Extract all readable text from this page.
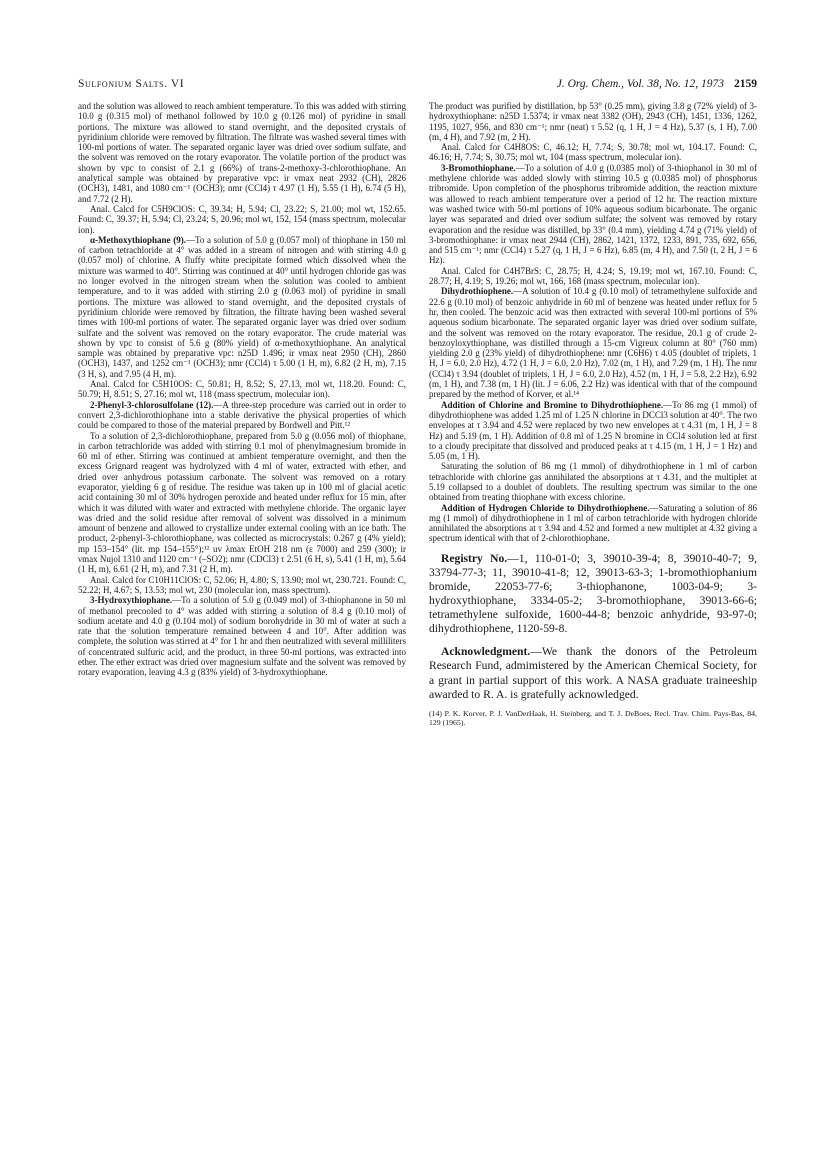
Sulfonium Salts. VI	J. Org. Chem., Vol. 38, No. 12, 1973 2159

and the solution was allowed to reach ambient temperature. To this was added with stirring 10.0 g (0.315 mol) of methanol followed by 10.0 g (0.126 mol) of pyridine in small portions. The mixture was allowed to stand overnight, and the deposited crystals of pyridinium chloride were removed by filtration. The filtrate was washed several times with 100-ml portions of water. The separated organic layer was dried over sodium sulfate, and the solvent was removed on the rotary evaporator. The volatile portion of the product was shown by vpc to consist of 2.1 g (66%) of trans-2-methoxy-3-chlorothiophane. An analytical sample was obtained by preparative vpc: ir νmax neat 2932 (CH), 2826 (OCH3), 1481, and 1080 cm⁻¹ (OCH3); nmr (CCl4) τ 4.97 (1 H), 5.55 (1 H), 6.74 (5 H), and 7.72 (2 H).

Anal. Calcd for C5H9ClOS: C, 39.34; H, 5.94; Cl, 23.22; S, 21.00; mol wt, 152.65. Found: C, 39.37; H, 5.94; Cl, 23.24; S, 20.96; mol wt, 152, 154 (mass spectrum, molecular ion).

α-Methoxythiophane (9).—To a solution of 5.0 g (0.057 mol) of thiophane in 150 ml of carbon tetrachloride at 4° was added in a stream of nitrogen and with stirring 4.0 g (0.057 mol) of chlorine. A fluffy white precipitate formed which dissolved when the mixture was warmed to 40°. Stirring was continued at 40° until hydrogen chloride gas was no longer evolved in the nitrogen stream when the solution was cooled to ambient temperature, and to it was added with stirring 2.0 g (0.063 mol) of pyridine in small portions. The mixture was allowed to stand overnight, and the deposited crystals of pyridinium chloride were removed by filtration, the filtrate having been washed several times with 100-ml portions of water. The separated organic layer was dried over sodium sulfate and the solvent was removed on the rotary evaporator. The crude material was shown by vpc to consist of 5.6 g (80% yield) of α-methoxythiophane. An analytical sample was obtained by preparative vpc: n25D 1.496; ir νmax neat 2950 (CH), 2860 (OCH3), 1437, and 1252 cm⁻¹ (OCH3); nmr (CCl4) τ 5.00 (1 H, m), 6.82 (2 H, m), 7.15 (3 H, s), and 7.95 (4 H, m).

Anal. Calcd for C5H10OS: C, 50.81; H, 8.52; S, 27.13, mol wt, 118.20. Found: C, 50.79; H, 8.51; S, 27.16; mol wt, 118 (mass spectrum, molecular ion).

2-Phenyl-3-chlorosulfolane (12).—A three-step procedure was carried out in order to convert 2,3-dichlorothiophane into a stable derivative the physical properties of which could be compared to those of the material prepared by Bordwell and Pitt.¹²

To a solution of 2,3-dichlorothiophane, prepared from 5.0 g (0.056 mol) of thiophane, in carbon tetrachloride was added with stirring 0.1 mol of phenylmagnesium bromide in 60 ml of ether. Stirring was continued at ambient temperature overnight, and then the excess Grignard reagent was hydrolyzed with 4 ml of water, extracted with ether, and dried over anhydrous potassium carbonate. The solvent was removed on a rotary evaporator, yielding 6 g of residue. The residue was taken up in 100 ml of glacial acetic acid containing 30 ml of 30% hydrogen peroxide and heated under reflux for 15 min, after which it was diluted with water and extracted with methylene chloride. The organic layer was dried and the solid residue after removal of solvent was dissolved in a minimum amount of benzene and allowed to crystallize under external cooling with an ice bath. The product, 2-phenyl-3-chlorothiophane, was collected as microcrystals: 0.267 g (4% yield); mp 153–154° (lit. mp 154–155°);¹² uv λmax EtOH 218 nm (ε 7000) and 259 (300); ir νmax Nujol 1310 and 1120 cm⁻¹ (–SO2); nmr (CDCl3) τ 2.51 (6 H, s), 5.41 (1 H, m), 5.64 (1 H, m), 6.61 (2 H, m), and 7.31 (2 H, m).

Anal. Calcd for C10H11ClOS: C, 52.06; H, 4.80; S, 13.90; mol wt, 230.721. Found: C, 52.22; H, 4.67; S, 13.53; mol wt, 230 (molecular ion, mass spectrum).

3-Hydroxythiophane.—To a solution of 5.0 g (0.049 mol) of 3-thiophanone in 50 ml of methanol precooled to 4° was added with stirring a solution of 8.4 g (0.10 mol) of sodium acetate and 4.0 g (0.104 mol) of sodium borohydride in 30 ml of water at such a rate that the solution temperature remained between 4 and 10°. After addition was complete, the solution was stirred at 4° for 1 hr and then neutralized with several milliliters of concentrated sulfuric acid, and the product, in three 50-ml portions, was extracted into ether. The ether extract was dried over magnesium sulfate and the solvent was removed by rotary evaporation, leaving 4.3 g (83% yield) of 3-hydroxythiophane.

The product was purified by distillation, bp 53° (0.25 mm), giving 3.8 g (72% yield) of 3-hydroxythiophane: n25D 1.5374; ir νmax neat 3382 (OH), 2943 (CH), 1451, 1336, 1262, 1195, 1027, 956, and 830 cm⁻¹; nmr (neat) τ 5.52 (q, 1 H, J = 4 Hz), 5.37 (s, 1 H), 7.00 (m, 4 H), and 7.92 (m, 2 H).

Anal. Calcd for C4H8OS: C, 46.12; H, 7.74; S, 30.78; mol wt, 104.17. Found: C, 46.16; H, 7.74; S, 30.75; mol wt, 104 (mass spectrum, molecular ion).

3-Bromothiophane.—To a solution of 4.0 g (0.0385 mol) of 3-thiophanol in 30 ml of methylene chloride was added slowly with stirring 10.5 g (0.0385 mol) of phosphorus tribromide. Upon completion of the phosphorus tribromide addition, the reaction mixture was allowed to reach ambient temperature over a period of 12 hr. The reaction mixture was washed twice with 50-ml portions of 10% aqueous sodium bicarbonate. The organic layer was separated and dried over sodium sulfate; the solvent was removed by rotary evaporation and the residue was distilled, bp 33° (0.4 mm), yielding 4.74 g (71% yield) of 3-bromothiophane: ir νmax neat 2944 (CH), 2862, 1421, 1372, 1233, 891, 735, 692, 656, and 515 cm⁻¹; nmr (CCl4) τ 5.27 (q, 1 H, J = 6 Hz), 6.85 (m, 4 H), and 7.50 (t, 2 H, J = 6 Hz).

Anal. Calcd for C4H7BrS: C, 28.75; H, 4.24; S, 19.19; mol wt, 167.10. Found: C, 28.77; H, 4.19; S, 19.26; mol wt, 166, 168 (mass spectrum, molecular ion).

Dihydrothiophene.—A solution of 10.4 g (0.10 mol) of tetramethylene sulfoxide and 22.6 g (0.10 mol) of benzoic anhydride in 60 ml of benzene was heated under reflux for 5 hr, then cooled. The benzoic acid was then extracted with several 100-ml portions of 5% aqueous sodium bicarbonate. The separated organic layer was dried over sodium sulfate, and the solvent was removed on the rotary evaporator. The residue, 20.1 g of crude 2-benzoyloxythiophane, was distilled through a 15-cm Vigreux column at 80° (760 mm) yielding 2.0 g (23% yield) of dihydrothiophene: nmr (C6H6) τ 4.05 (doublet of triplets, 1 H, J = 6.0, 2.0 Hz), 4.72 (1 H, J = 6.0, 2.0 Hz), 7.02 (m, 1 H), and 7.29 (m, 1 H). The nmr (CCl4) τ 3.94 (doublet of triplets, 1 H, J = 6.0, 2.0 Hz), 4.52 (m, 1 H, J = 5.8, 2.2 Hz), 6.92 (m, 1 H), and 7.38 (m, 1 H) (lit. J = 6.06, 2.2 Hz) was identical with that of the compound prepared by the method of Korver, et al.¹⁴

Addition of Chlorine and Bromine to Dihydrothiophene.—To 86 mg (1 mmol) of dihydrothiophene was added 1.25 ml of 1.25 N chlorine in DCCl3 solution at 40°. The two envelopes at τ 3.94 and 4.52 were replaced by two new envelopes at τ 4.31 (m, 1 H, J = 8 Hz) and 5.19 (m, 1 H). Addition of 0.8 ml of 1.25 N bromine in CCl4 solution led at first to a cloudy precipitate that dissolved and produced peaks at τ 4.15 (m, 1 H, J = 1 Hz) and 5.05 (m, 1 H).

Saturating the solution of 86 mg (1 mmol) of dihydrothiophene in 1 ml of carbon tetrachloride with chlorine gas annihilated the absorptions at τ 4.31, and the multiplet at 5.19 collapsed to a doublet of doublets. The resulting spectrum was similar to the one obtained from treating thiophane with excess chlorine.

Addition of Hydrogen Chloride to Dihydrothiophene.—Saturating a solution of 86 mg (1 mmol) of dihydrothiophene in 1 ml of carbon tetrachloride with hydrogen chloride annihilated the absorptions at τ 3.94 and 4.52 and formed a new multiplet at 4.32 giving a spectrum identical with that of 2-chlorothiophane.

Registry No.—1, 110-01-0; 3, 39010-39-4; 8, 39010-40-7; 9, 33794-77-3; 11, 39010-41-8; 12, 39013-63-3; 1-bromothiophanium bromide, 22053-77-6; 3-thiophanone, 1003-04-9; 3-hydroxythiophane, 3334-05-2; 3-bromothiophane, 39013-66-6; tetramethylene sulfoxide, 1600-44-8; benzoic anhydride, 93-97-0; dihydrothiophene, 1120-59-8.

Acknowledgment.—We thank the donors of the Petroleum Research Fund, admimistered by the American Chemical Society, for a grant in partial support of this work. A NASA graduate traineeship awarded to R. A. is gratefully acknowledged.

(14) P. K. Korver, P. J. VanDerHaak, H. Steinberg, and T. J. DeBoes, Recl. Trav. Chim. Pays-Bas, 84, 129 (1965).
